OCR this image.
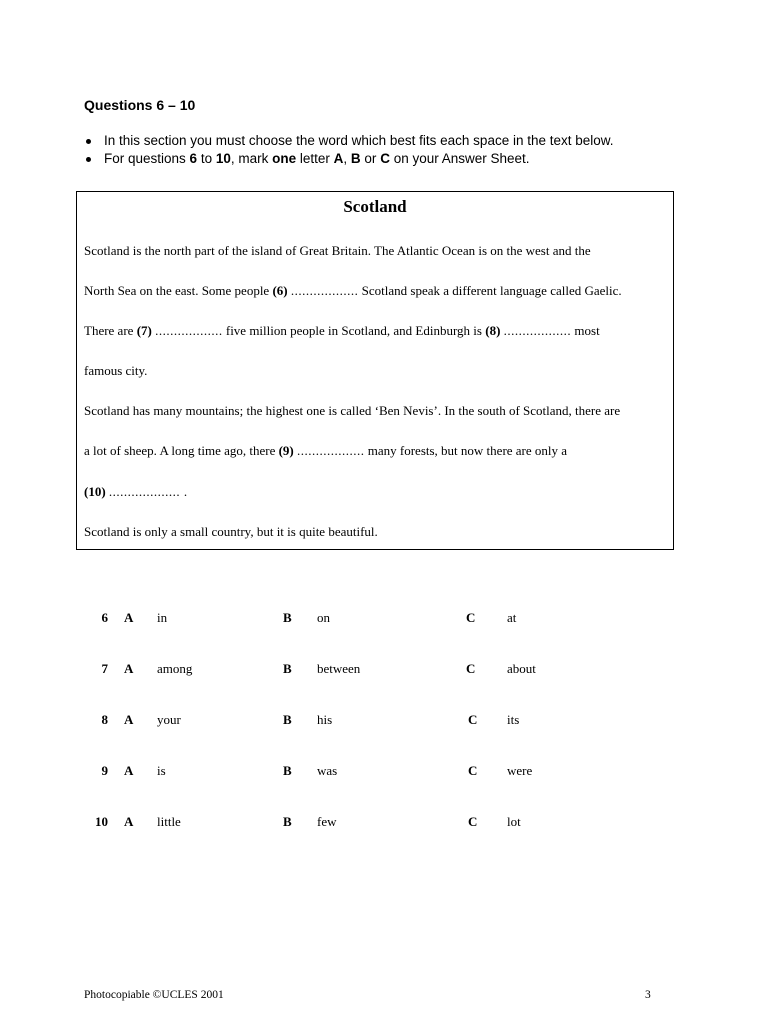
Questions 6 – 10
In this section you must choose the word which best fits each space in the text below.
For questions 6 to 10, mark one letter A, B or C on your Answer Sheet.
Scotland

Scotland is the north part of the island of Great Britain. The Atlantic Ocean is on the west and the

North Sea on the east. Some people (6) .................. Scotland speak a different language called Gaelic.

There are (7) .................. five million people in Scotland, and Edinburgh is (8) .................. most

famous city.

Scotland has many mountains; the highest one is called ‘Ben Nevis’. In the south of Scotland, there are

a lot of sheep. A long time ago, there (9) .................. many forests, but now there are only a

(10) ................... .

Scotland is only a small country, but it is quite beautiful.

6 A in	B on	C at
7 A among	B between	C about
8 A your	B his	C its
9 A is	B was	C were
10 A little	B few	C lot

Photocopiable ©UCLES 2001	3
